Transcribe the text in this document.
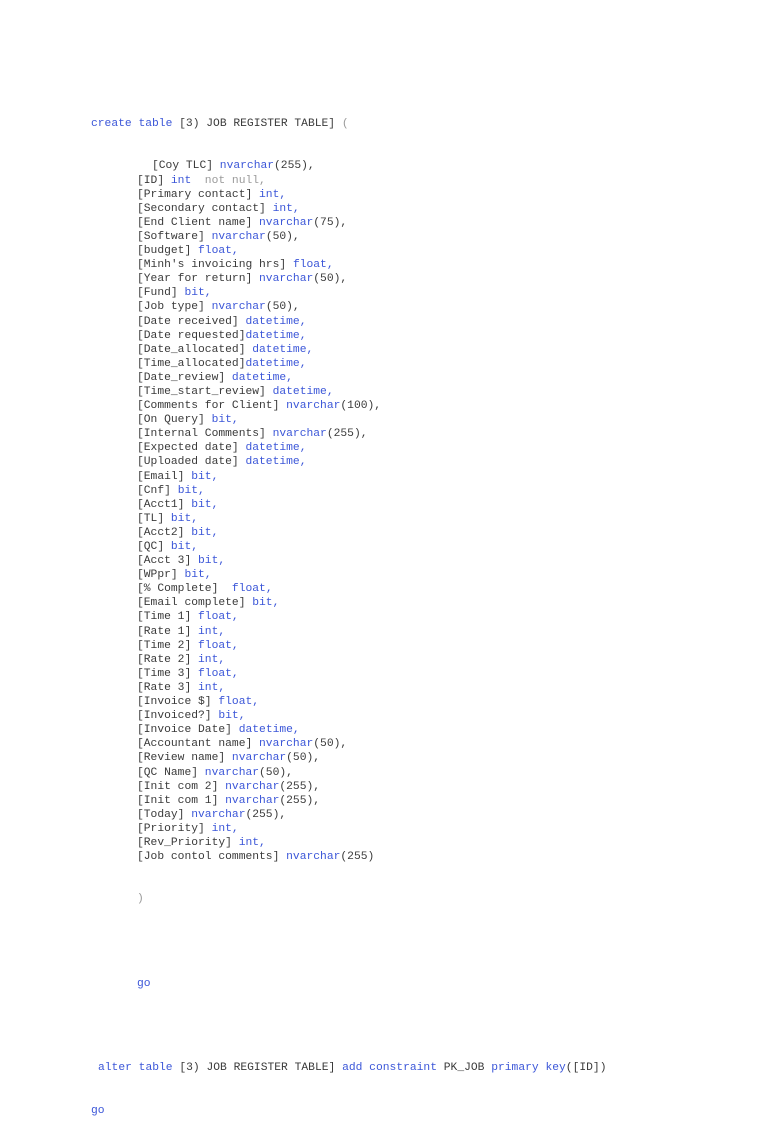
create table [3) JOB REGISTER TABLE] (

[Coy TLC] nvarchar(255),
[ID] int  not null,
[Primary contact] int,
[Secondary contact] int,
[End Client name] nvarchar(75),
[Software] nvarchar(50),
[budget] float,
[Minh's invoicing hrs] float,
[Year for return] nvarchar(50),
[Fund] bit,
[Job type] nvarchar(50),
[Date received] datetime,
[Date requested]datetime,
[Date_allocated] datetime,
[Time_allocated]datetime,
[Date_review] datetime,
[Time_start_review] datetime,
[Comments for Client] nvarchar(100),
[On Query] bit,
[Internal Comments] nvarchar(255),
[Expected date] datetime,
[Uploaded date] datetime,
[Email] bit,
[Cnf] bit,
[Acct1] bit,
[TL] bit,
[Acct2] bit,
[QC] bit,
[Acct 3] bit,
[WPpr] bit,
[% Complete]  float,
[Email complete] bit,
[Time 1] float,
[Rate 1] int,
[Time 2] float,
[Rate 2] int,
[Time 3] float,
[Rate 3] int,
[Invoice $] float,
[Invoiced?] bit,
[Invoice Date] datetime,
[Accountant name] nvarchar(50),
[Review name] nvarchar(50),
[QC Name] nvarchar(50),
[Init com 2] nvarchar(255),
[Init com 1] nvarchar(255),
[Today] nvarchar(255),
[Priority] int,
[Rev_Priority] int,
[Job contol comments] nvarchar(255)

)

go

alter table [3) JOB REGISTER TABLE] add constraint PK_JOB primary key([ID])

go
